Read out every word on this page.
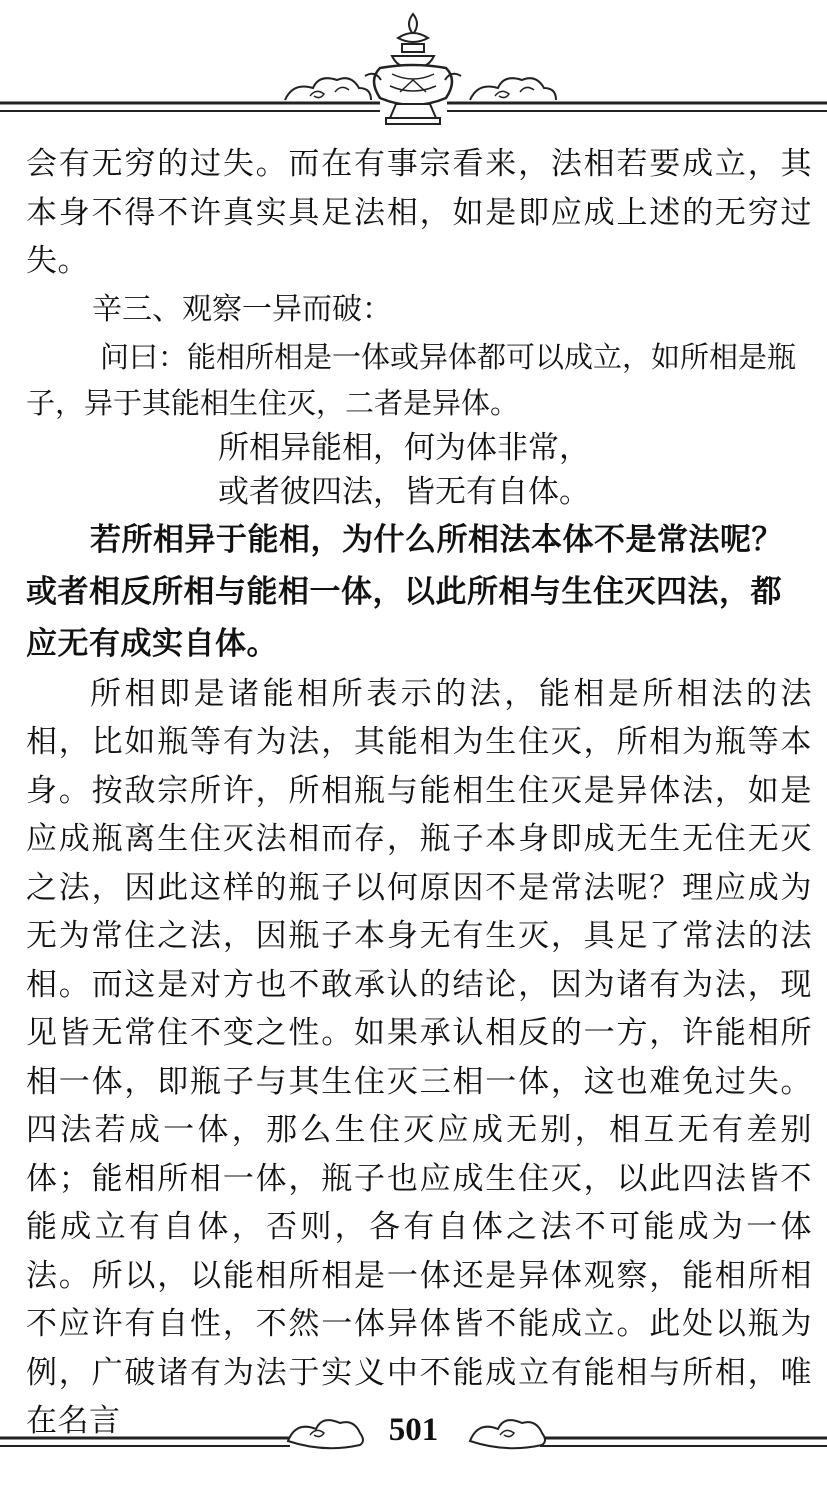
会有无穷的过失。而在有事宗看来，法相若要成立，其本身不得不许真实具足法相，如是即应成上述的无穷过失。

辛三、观察一异而破：

问曰：能相所相是一体或异体都可以成立，如所相是瓶子，异于其能相生住灭，二者是异体。

所相异能相，何为体非常，

或者彼四法，皆无有自体。

若所相异于能相，为什么所相法本体不是常法呢？或者相反所相与能相一体，以此所相与生住灭四法，都应无有成实自体。

所相即是诸能相所表示的法，能相是所相法的法相，比如瓶等有为法，其能相为生住灭，所相为瓶等本身。按敌宗所许，所相瓶与能相生住灭是异体法，如是应成瓶离生住灭法相而存，瓶子本身即成无生无住无灭之法，因此这样的瓶子以何原因不是常法呢？理应成为无为常住之法，因瓶子本身无有生灭，具足了常法的法相。而这是对方也不敢承认的结论，因为诸有为法，现见皆无常住不变之性。如果承认相反的一方，许能相所相一体，即瓶子与其生住灭三相一体，这也难免过失。四法若成一体，那么生住灭应成无别，相互无有差别体；能相所相一体，瓶子也应成生住灭，以此四法皆不能成立有自体，否则，各有自体之法不可能成为一体法。所以，以能相所相是一体还是异体观察，能相所相不应许有自性，不然一体异体皆不能成立。此处以瓶为例，广破诸有为法于实义中不能成立有能相与所相，唯在名言	501
